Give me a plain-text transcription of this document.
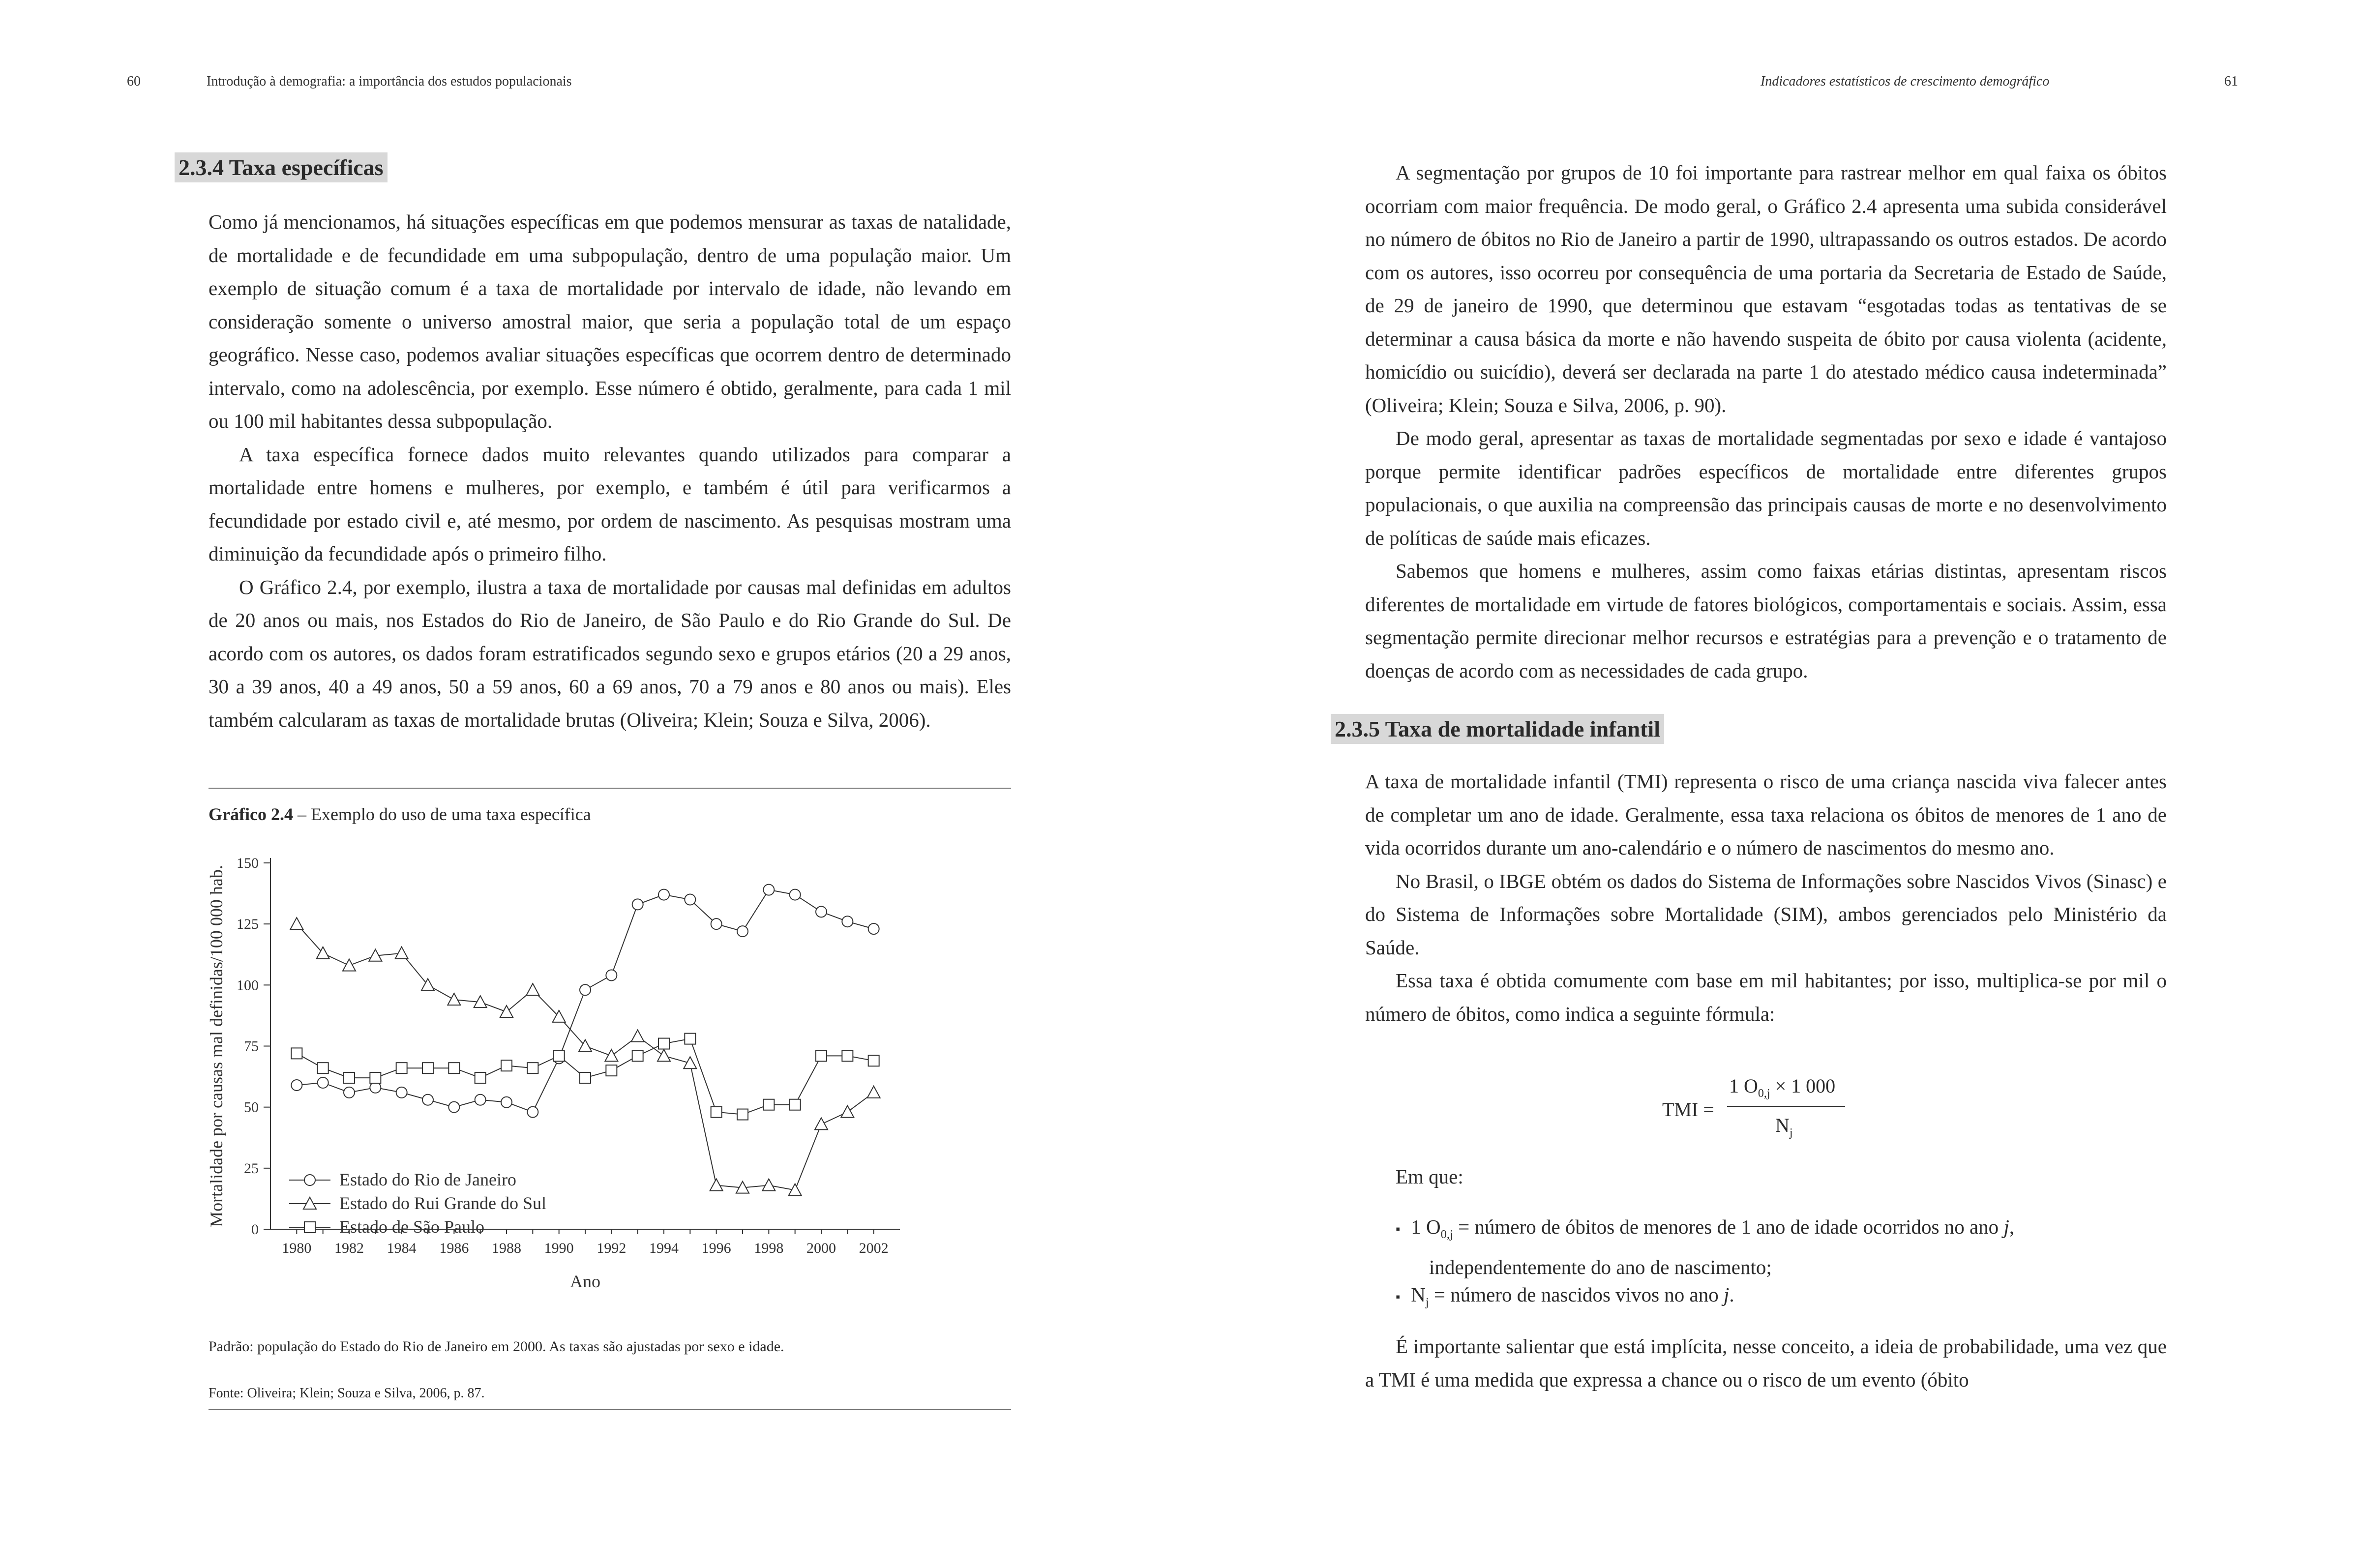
60	Introdução à demografia: a importância dos estudos populacionais
2.3.4 Taxa específicas

Como já mencionamos, há situações específicas em que podemos mensurar as taxas de natalidade, de mortalidade e de fecundidade em uma subpopulação, dentro de uma população maior. Um exemplo de situação comum é a taxa de mortalidade por intervalo de idade, não levando em consideração somente o universo amostral maior, que seria a população total de um espaço geográfico. Nesse caso, podemos avaliar situações específicas que ocorrem dentro de determinado intervalo, como na adolescência, por exemplo. Esse número é obtido, geralmente, para cada 1 mil ou 100 mil habitantes dessa subpopulação.

A taxa específica fornece dados muito relevantes quando utilizados para comparar a mortalidade entre homens e mulheres, por exemplo, e também é útil para verificarmos a fecundidade por estado civil e, até mesmo, por ordem de nascimento. As pesquisas mostram uma diminuição da fecundidade após o primeiro filho.

O Gráfico 2.4, por exemplo, ilustra a taxa de mortalidade por causas mal definidas em adultos de 20 anos ou mais, nos Estados do Rio de Janeiro, de São Paulo e do Rio Grande do Sul. De acordo com os autores, os dados foram estratificados segundo sexo e grupos etários (20 a 29 anos, 30 a 39 anos, 40 a 49 anos, 50 a 59 anos, 60 a 69 anos, 70 a 79 anos e 80 anos ou mais). Eles também calcularam as taxas de mortalidade brutas (Oliveira; Klein; Souza e Silva, 2006).

Gráfico 2.4 – Exemplo do uso de uma taxa específica
Estado do Rio de Janeiro
Estado do Rui Grande do Sul
Estado de São Paulo
0
25
50
75
100
125
150
1980 1982 1984 1986 1988 1990 1992 1994 1996 1998 2000 2002
Ano
Mortalidade por causas mal definidas/100 000 hab.
Padrão: população do Estado do Rio de Janeiro em 2000. As taxas são ajustadas por sexo e idade.
Fonte: Oliveira; Klein; Souza e Silva, 2006, p. 87.
Indicadores estatísticos de crescimento demográfico	61

A segmentação por grupos de 10 foi importante para rastrear melhor em qual faixa os óbitos ocorriam com maior frequência. De modo geral, o Gráfico 2.4 apresenta uma subida considerável no número de óbitos no Rio de Janeiro a partir de 1990, ultrapassando os outros estados. De acordo com os autores, isso ocorreu por consequência de uma portaria da Secretaria de Estado de Saúde, de 29 de janeiro de 1990, que determinou que estavam “esgotadas todas as tentativas de se determinar a causa básica da morte e não havendo suspeita de óbito por causa violenta (acidente, homicídio ou suicídio), deverá ser declarada na parte 1 do atestado médico causa indeterminada” (Oliveira; Klein; Souza e Silva, 2006, p. 90).

De modo geral, apresentar as taxas de mortalidade segmentadas por sexo e idade é vantajoso porque permite identificar padrões específicos de mortalidade entre diferentes grupos populacionais, o que auxilia na compreensão das principais causas de morte e no desenvolvimento de políticas de saúde mais eficazes.

Sabemos que homens e mulheres, assim como faixas etárias distintas, apresentam riscos diferentes de mortalidade em virtude de fatores biológicos, comportamentais e sociais. Assim, essa segmentação permite direcionar melhor recursos e estratégias para a prevenção e o tratamento de doenças de acordo com as necessidades de cada grupo.

2.3.5 Taxa de mortalidade infantil

A taxa de mortalidade infantil (TMI) representa o risco de uma criança nascida viva falecer antes de completar um ano de idade. Geralmente, essa taxa relaciona os óbitos de menores de 1 ano de vida ocorridos durante um ano-calendário e o número de nascimentos do mesmo ano.

No Brasil, o IBGE obtém os dados do Sistema de Informações sobre Nascidos Vivos (Sinasc) e do Sistema de Informações sobre Mortalidade (SIM), ambos gerenciados pelo Ministério da Saúde.

Essa taxa é obtida comumente com base em mil habitantes; por isso, multiplica-se por mil o número de óbitos, como indica a seguinte fórmula:

TMI =
1 $O_{0,j} \times 1$ 000
$N_j$
Em que:
▪ 1 $O_{0,j}$ = número de óbitos de menores de 1 ano de idade ocorridos no ano j,
independentemente do ano de nascimento;
▪ $N_j$ = número de nascidos vivos no ano j.

É importante salientar que está implícita, nesse conceito, a ideia de probabilidade, uma vez que a TMI é uma medida que expressa a chance ou o risco de um evento (óbito
